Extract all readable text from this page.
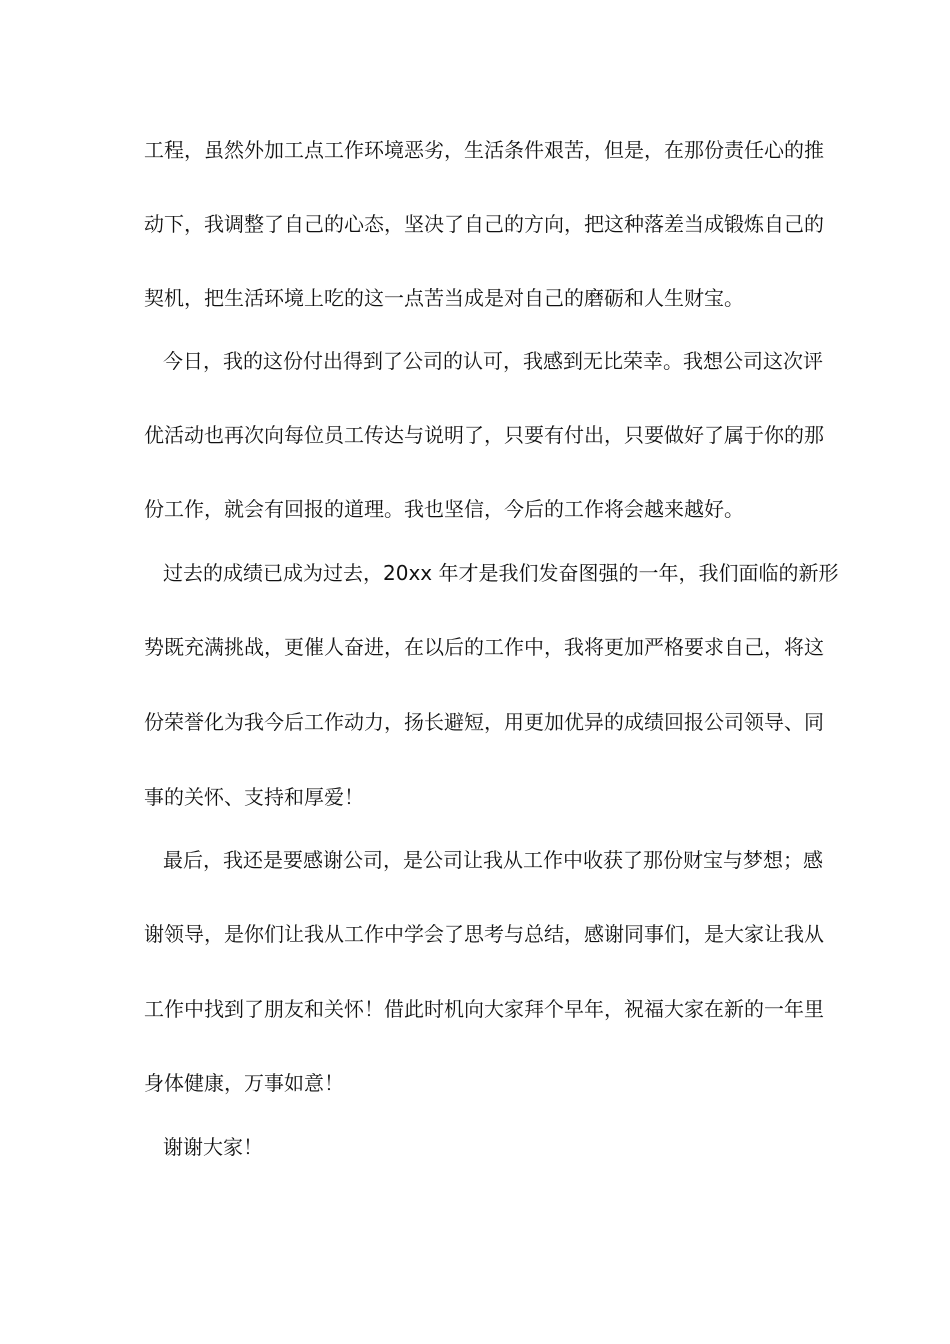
工程，虽然外加工点工作环境恶劣，生活条件艰苦，但是，在那份责任心的推
动下，我调整了自己的心态，坚决了自己的方向，把这种落差当成锻炼自己的
契机，把生活环境上吃的这一点苦当成是对自己的磨砺和人生财宝。
今日，我的这份付出得到了公司的认可，我感到无比荣幸。我想公司这次评
优活动也再次向每位员工传达与说明了，只要有付出，只要做好了属于你的那
份工作，就会有回报的道理。我也坚信，今后的工作将会越来越好。
过去的成绩已成为过去，20xx 年才是我们发奋图强的一年，我们面临的新形
势既充满挑战，更催人奋进，在以后的工作中，我将更加严格要求自己，将这
份荣誉化为我今后工作动力，扬长避短，用更加优异的成绩回报公司领导、同
事的关怀、支持和厚爱！
最后，我还是要感谢公司，是公司让我从工作中收获了那份财宝与梦想；感
谢领导，是你们让我从工作中学会了思考与总结，感谢同事们，是大家让我从
工作中找到了朋友和关怀！借此时机向大家拜个早年，祝福大家在新的一年里
身体健康，万事如意！
谢谢大家！
